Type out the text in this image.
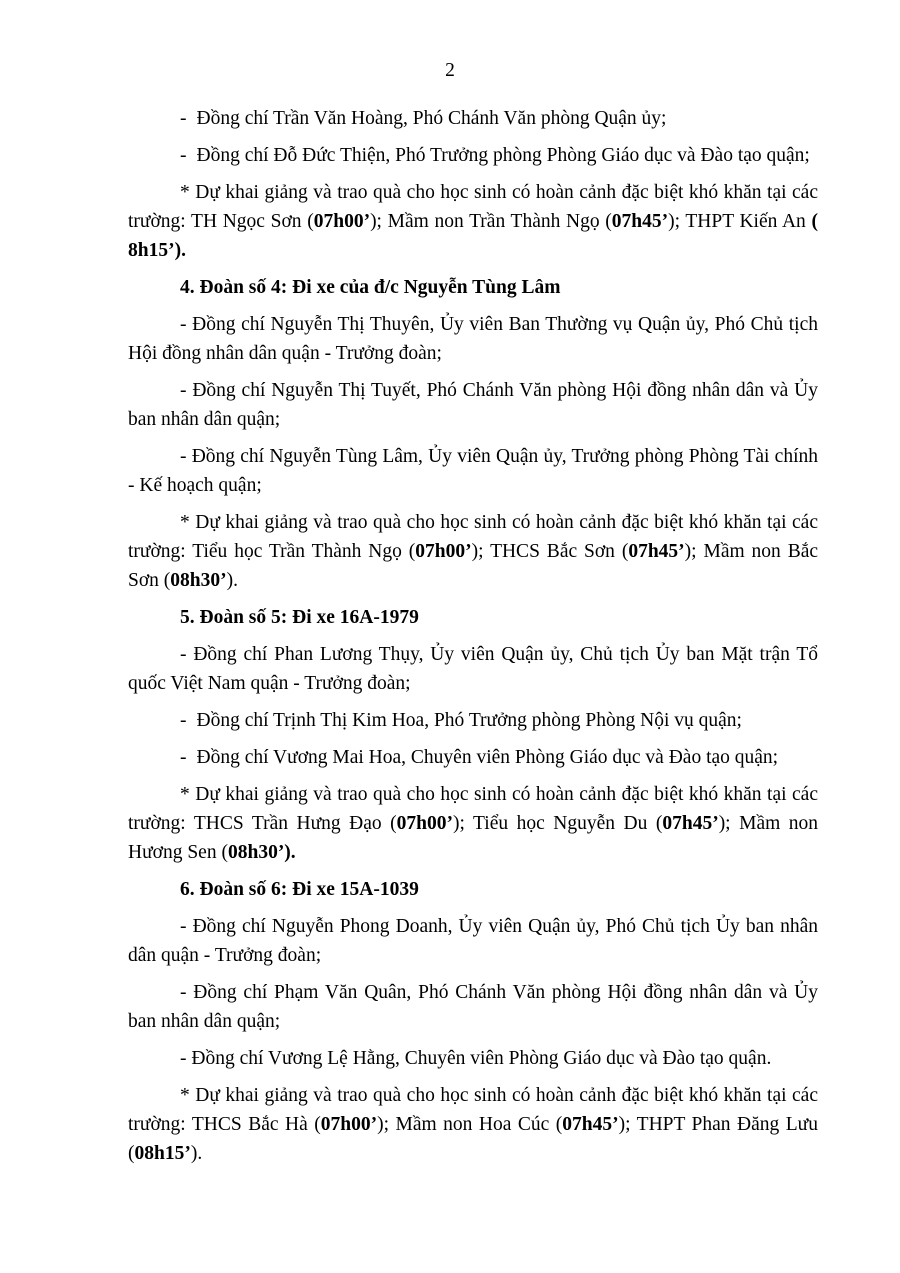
2

- Đồng chí Trần Văn Hoàng, Phó Chánh Văn phòng Quận ủy;

- Đồng chí Đỗ Đức Thiện, Phó Trưởng phòng Phòng Giáo dục và Đào tạo quận;

* Dự khai giảng và trao quà cho học sinh có hoàn cảnh đặc biệt khó khăn tại các trường: TH Ngọc Sơn (07h00’); Mầm non Trần Thành Ngọ (07h45’); THPT Kiến An ( 8h15’).

4. Đoàn số 4: Đi xe của đ/c Nguyễn Tùng Lâm

- Đồng chí Nguyễn Thị Thuyên, Ủy viên Ban Thường vụ Quận ủy, Phó Chủ tịch Hội đồng nhân dân quận - Trưởng đoàn;

- Đồng chí Nguyễn Thị Tuyết, Phó Chánh Văn phòng Hội đồng nhân dân và Ủy ban nhân dân quận;

- Đồng chí Nguyễn Tùng Lâm, Ủy viên Quận ủy, Trưởng phòng Phòng Tài chính - Kế hoạch quận;

* Dự khai giảng và trao quà cho học sinh có hoàn cảnh đặc biệt khó khăn tại các trường: Tiểu học Trần Thành Ngọ (07h00’); THCS Bắc Sơn (07h45’); Mầm non Bắc Sơn (08h30’).

5. Đoàn số 5: Đi xe 16A-1979

- Đồng chí Phan Lương Thụy, Ủy viên Quận ủy, Chủ tịch Ủy ban Mặt trận Tổ quốc Việt Nam quận - Trưởng đoàn;

- Đồng chí Trịnh Thị Kim Hoa, Phó Trưởng phòng Phòng Nội vụ quận;

- Đồng chí Vương Mai Hoa, Chuyên viên Phòng Giáo dục và Đào tạo quận;

* Dự khai giảng và trao quà cho học sinh có hoàn cảnh đặc biệt khó khăn tại các trường: THCS Trần Hưng Đạo (07h00’); Tiểu học Nguyễn Du (07h45’); Mầm non Hương Sen (08h30’).

6. Đoàn số 6: Đi xe 15A-1039

- Đồng chí Nguyễn Phong Doanh, Ủy viên Quận ủy, Phó Chủ tịch Ủy ban nhân dân quận - Trưởng đoàn;

- Đồng chí Phạm Văn Quân, Phó Chánh Văn phòng Hội đồng nhân dân và Ủy ban nhân dân quận;

- Đồng chí Vương Lệ Hằng, Chuyên viên Phòng Giáo dục và Đào tạo quận.

* Dự khai giảng và trao quà cho học sinh có hoàn cảnh đặc biệt khó khăn tại các trường: THCS Bắc Hà (07h00’); Mầm non Hoa Cúc (07h45’); THPT Phan Đăng Lưu (08h15’).
